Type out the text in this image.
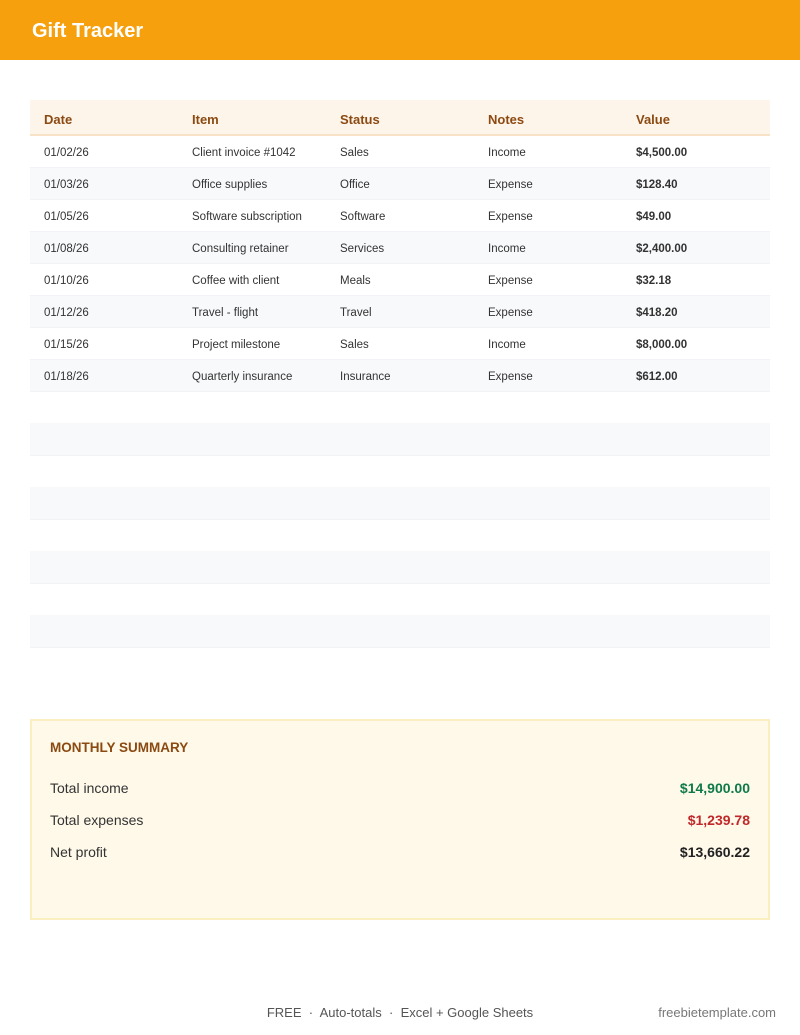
Gift Tracker
Date	Item	Status	Notes	Value
01/02/26	Client invoice #1042	Sales	Income	$4,500.00
01/03/26	Office supplies	Office	Expense	$128.40
01/05/26	Software subscription	Software	Expense	$49.00
01/08/26	Consulting retainer	Services	Income	$2,400.00
01/10/26	Coffee with client	Meals	Expense	$32.18
01/12/26	Travel - flight	Travel	Expense	$418.20
01/15/26	Project milestone	Sales	Income	$8,000.00
01/18/26	Quarterly insurance	Insurance	Expense	$612.00
MONTHLY SUMMARY
Total income	$14,900.00
Total expenses	$1,239.78
Net profit	$13,660.22
FREE · Auto-totals · Excel + Google Sheets	freebietemplate.com
